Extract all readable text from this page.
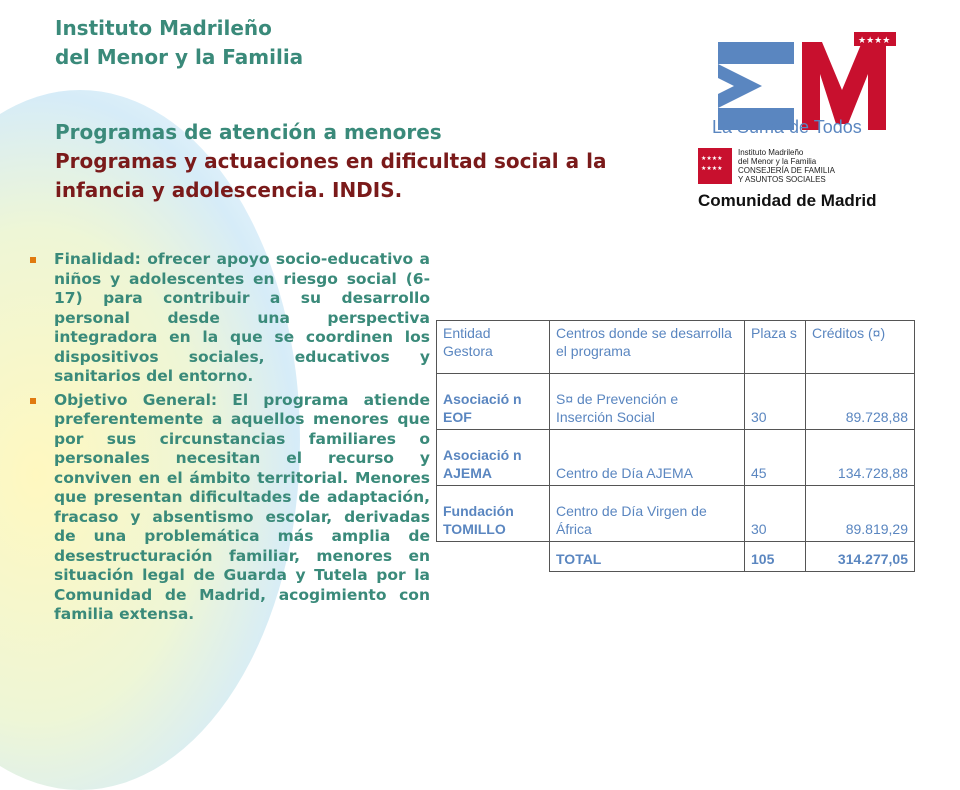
Instituto Madrileño
del Menor y la Familia
Programas de atención a menores
Programas y actuaciones en dificultad social a la
infancia y adolescencia. INDIS.
★★★★
La Suma de Todos
★★★★
★★★★
Instituto Madrileño
del Menor y la Familia
CONSEJERÍA DE FAMILIA
Y ASUNTOS SOCIALES
Comunidad de Madrid
Finalidad: ofrecer apoyo socio-educativo a niños y adolescentes en riesgo social (6-17) para contribuir a su desarrollo personal desde una perspectiva integradora en la que se coordinen los dispositivos sociales, educativos y sanitarios del entorno.
Objetivo General: El programa atiende preferentemente a aquellos menores que por sus circunstancias familiares o personales necesitan el recurso y conviven en el ámbito territorial. Menores que presentan dificultades de adaptación, fracaso y absentismo escolar, derivadas de una problemática más amplia de desestructuración familiar, menores en situación legal de Guarda y Tutela por la Comunidad de Madrid, acogimiento con familia extensa.
Entidad Gestora	Centros donde se desarrolla el programa	Plaza s	Créditos (¤)
Asociació n EOF	S¤ de Prevención e Inserción Social	30	89.728,88
Asociació n AJEMA	Centro de Día AJEMA	45	134.728,88
Fundación TOMILLO	Centro de Día Virgen de África	30	89.819,29
	TOTAL	105	314.277,05
